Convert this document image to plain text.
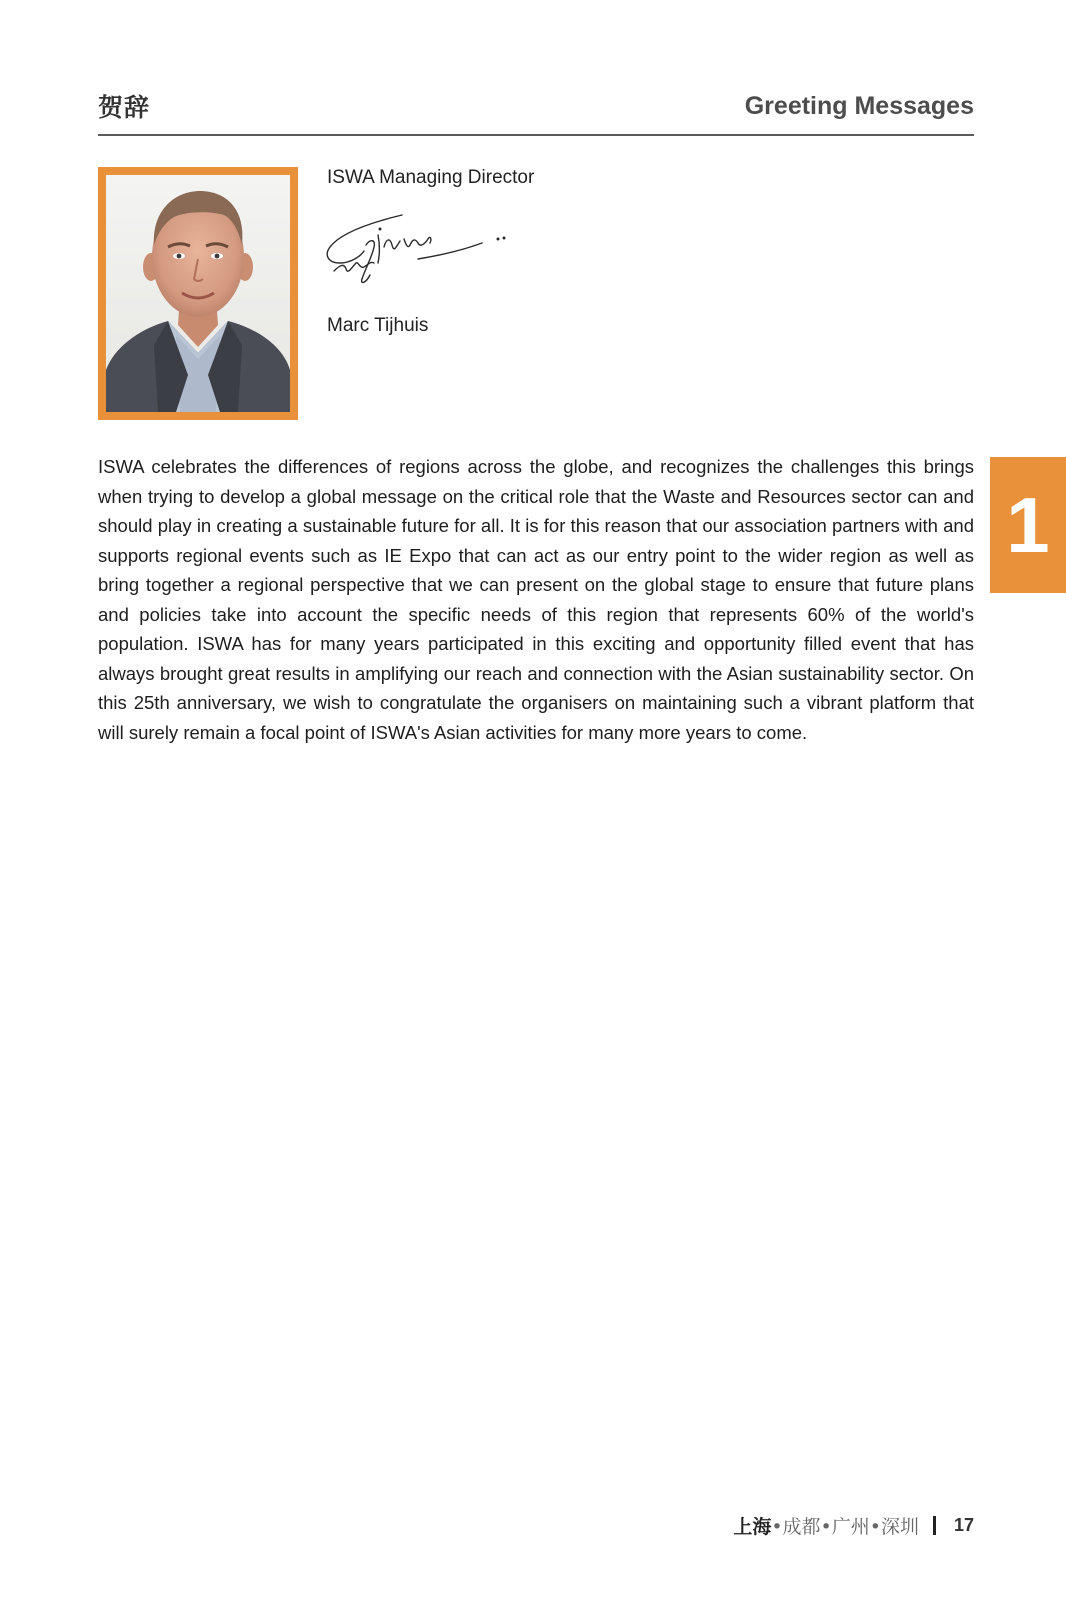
贺辞	Greeting Messages
ISWA Managing Director
Marc Tijhuis
ISWA celebrates the differences of regions across the globe, and recognizes the challenges this brings when trying to develop a global message on the critical role that the Waste and Resources sector can and should play in creating a sustainable future for all. It is for this reason that our association partners with and supports regional events such as IE Expo that can act as our entry point to the wider region as well as bring together a regional perspective that we can present on the global stage to ensure that future plans and policies take into account the specific needs of this region that represents 60% of the world's population. ISWA has for many years participated in this exciting and opportunity filled event that has always brought great results in amplifying our reach and connection with the Asian sustainability sector. On this 25th anniversary, we wish to congratulate the organisers on maintaining such a vibrant platform that will surely remain a focal point of ISWA's Asian activities for many more years to come.
1
上海 •成都•广州•深圳 17
